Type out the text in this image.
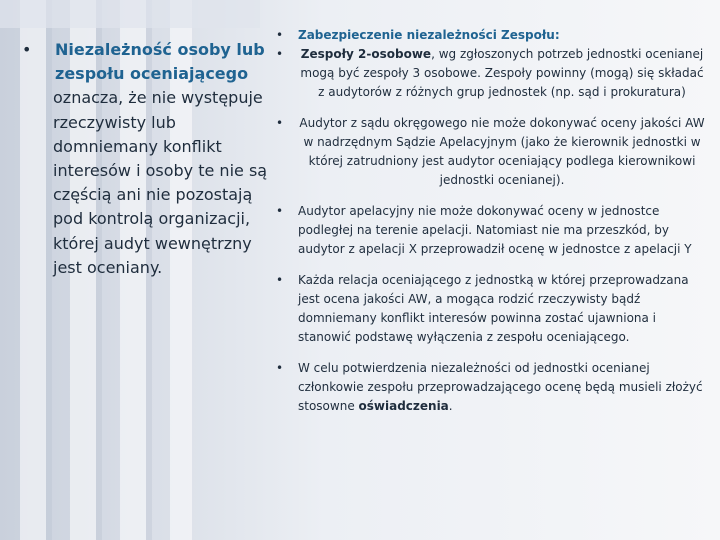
• Niezależność osoby lub zespołu oceniającego
oznacza, że nie występuje rzeczywisty lub domniemany konflikt interesów i osoby te nie są częścią ani nie pozostają pod kontrolą organizacji, której audyt wewnętrzny jest oceniany.
• Zabezpieczenie niezależności Zespołu:

• Zespoły 2-osobowe, wg zgłoszonych potrzeb jednostki ocenianej mogą być zespoły 3 osobowe. Zespoły powinny (mogą) się składać z audytorów z różnych grup jednostek (np. sąd i prokuratura)

• Audytor z sądu okręgowego nie może dokonywać oceny jakości AW w nadrzędnym Sądzie Apelacyjnym (jako że kierownik jednostki w której zatrudniony jest audytor oceniający podlega kierownikowi jednostki ocenianej).

• Audytor apelacyjny nie może dokonywać oceny w jednostce podległej na terenie apelacji. Natomiast nie ma przeszkód, by audytor z apelacji X przeprowadził ocenę w jednostce z apelacji Y

• Każda relacja oceniającego z jednostką w której przeprowadzana jest ocena jakości AW, a mogąca rodzić rzeczywisty bądź domniemany konflikt interesów powinna zostać ujawniona i stanowić podstawę wyłączenia z zespołu oceniającego.

• W celu potwierdzenia niezależności od jednostki ocenianej członkowie zespołu przeprowadzającego ocenę będą musieli złożyć stosowne oświadczenia.
